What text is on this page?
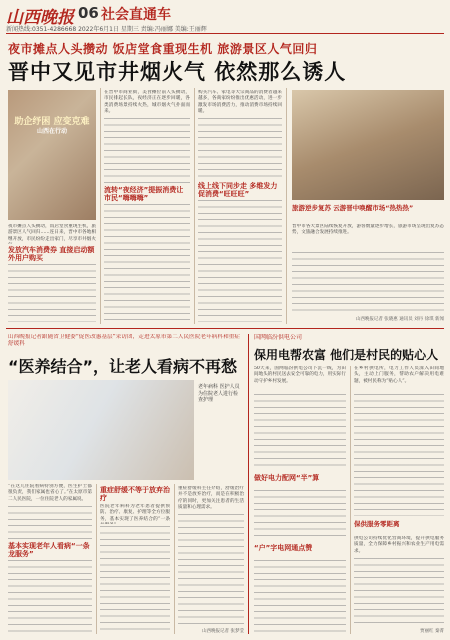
山西晚报 06 社会直通车
新闻热线:0351-4286668 2022年6月1日 星期三 责编:冯丽娜 美编:王丽辉
夜市摊点人头攒动 饭店堂食重现生机 旅游景区人气回归
晋中又见市井烟火气 依然那么诱人
助企纾困 应变克难
山西在行动
夜市摊点人头攒动，饭店堂食重现生机，旅游景区人气回归……连日来，晋中市各地相继开放，市民纷纷走出家门，尽享市井烟火
发放汽车消费券 直接启动额外用户购买
在晋中市商业街，美食摊位前人头攒动，市民排起长队，夜经济正在逐步回暖，各类消费场景持续火热，城市烟火气扑面而来。
流转“夜经济”提振消费让市民“嗨嗨嗨”
购买汽车、家电等大宗商品的消费者越来越多，各商家纷纷推出优惠活动，进一步激发市场消费活力，推动消费市场持续回暖。
线上线下同步走 多维发力促消费“旺旺旺”
旅游逆步复苏 云游晋中唤醒市场“热热热”
晋中市各大景区陆续恢复开放，游客数量逐步增长，旅游市场呈现出复苏态势，文旅融合发展持续推进。
山西晚报记者 张晓惠 通讯员 刘丹 徐琪 新闻
山西晚报记者跟随省卫健委“促医改惠基层”采访团，走进太原市第二人民医院老年病科和重症舒缓科
“医养结合”，让老人看病不再愁
老年病科 医护人员为住院老人进行检查护理
“在这儿住院看病特别方便，医生护士都很负责，我们家属也省心了。”在太原市第二人民医院，一位住院老人的家属说。
基本实现老年人看病“一条龙服务”
重症舒缓不等于放弃治疗
医院老年病科为老年患者提供预防、治疗、康复、护理等全方位服务，基本实现了医养结合的“一条
重症舒缓科主任介绍，舒缓治疗并不是放弃治疗，而是在积极治疗的同时，更加关注患者的生活质量和心理需求。
山西晚报记者 张梦莹
国网临汾供电公司
保用电帮农富 他们是村民的贴心人
50天来，国网临汾供电公司下沉一线，为田间地头的村民送去安全可靠的电力，用实际行动守护乡村发展。
做好电力配网“半”算
“户”字电网通点赞
在乡村供电所，电力工作人员深入田间地头，主动上门服务，帮助农户解决用电难题，被村民称为“贴心人”。
保供服务零距离
供电公司持续优化营商环境，提升供电服务质量，全力保障乡村振兴和农业生产用电需求。
贾丽红 秦菁
